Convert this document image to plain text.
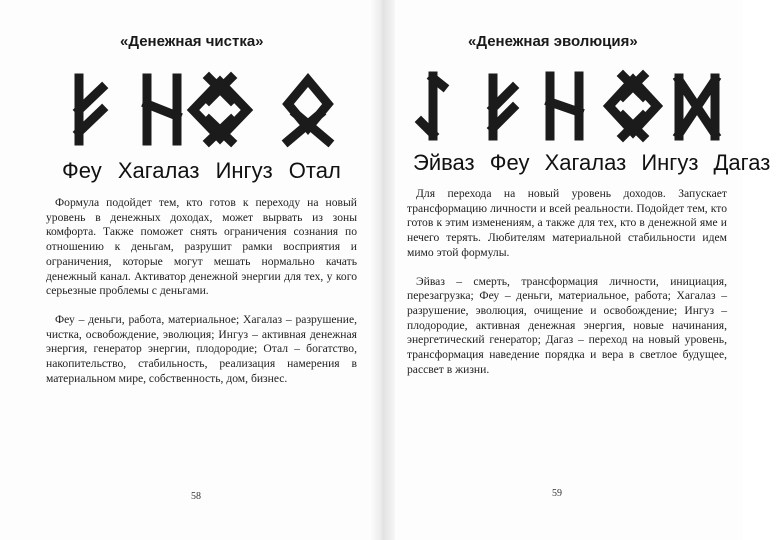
«Денежная чистка»
Феу Хагалаз Ингуз Отал

Формула подойдет тем, кто готов к переходу на новый уровень в денежных доходах, может вырвать из зоны комфорта. Также поможет снять ограничения сознания по отношению к деньгам, разрушит рамки восприятия и ограничения, которые могут мешать нормально качать денежный канал. Активатор денежной энергии для тех, у кого серьезные проблемы с деньгами.

Феу – деньги, работа, материальное; Хагалаз – разрушение, чистка, освобождение, эволюция; Ингуз – активная денежная энергия, генератор энергии, плодородие; Отал – богатство, накопительство, стабильность, реализация намерения в материальном мире, собственность, дом, бизнес.

58
«Денежная эволюция»
Эйваз Феу Хагалаз Ингуз Дагаз

Для перехода на новый уровень доходов. Запускает трансформацию личности и всей реальности. Подойдет тем, кто готов к этим изменениям, а также для тех, кто в денежной яме и нечего терять. Любителям материальной стабильности идем мимо этой формулы.

Эйваз – смерть, трансформация личности, инициация, перезагрузка; Феу – деньги, материальное, работа; Хагалаз – разрушение, эволюция, очищение и освобождение; Ингуз – плодородие, активная денежная энергия, новые начинания, энергетический генератор; Дагаз – переход на новый уровень, трансформация наведение порядка и вера в светлое будущее, рассвет в жизни.

59
